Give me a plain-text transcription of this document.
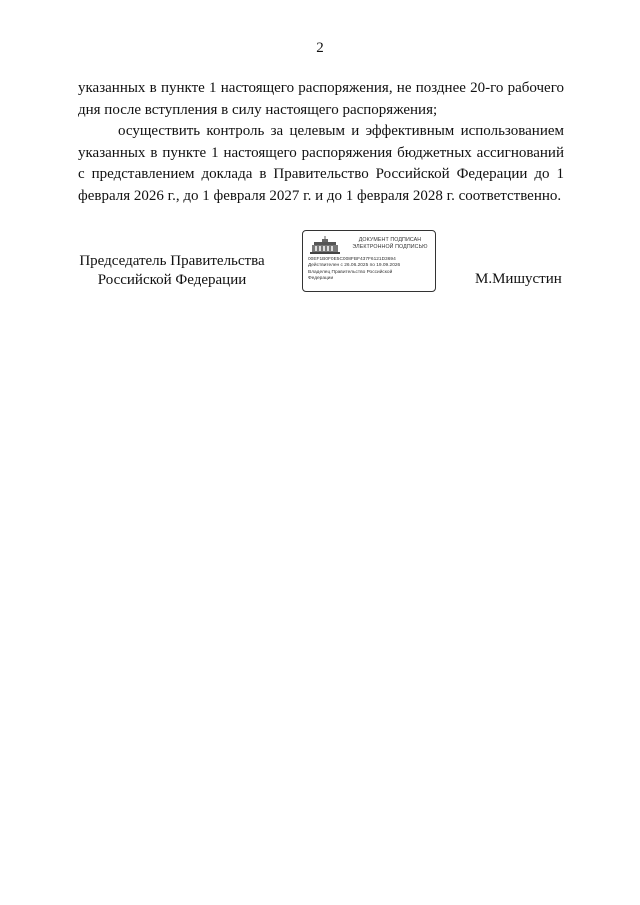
2

указанных в пункте 1 настоящего распоряжения, не позднее 20-го рабочего дня после вступления в силу настоящего распоряжения;

осуществить контроль за целевым и эффективным использованием указанных в пункте 1 настоящего распоряжения бюджетных ассигнований с представлением доклада в Правительство Российской Федерации до 1 февраля 2026 г., до 1 февраля 2027 г. и до 1 февраля 2028 г. соответственно.

Председатель Правительства
Российской Федерации
ДОКУМЕНТ ПОДПИСАН
ЭЛЕКТРОННОЙ ПОДПИСЬЮ
00EF1B0F0E5C008FBF437F6121D3694
Действителен с 26.06.2025 по 19.09.2026
Владелец Правительство Российской
Федерации	М.Мишустин
